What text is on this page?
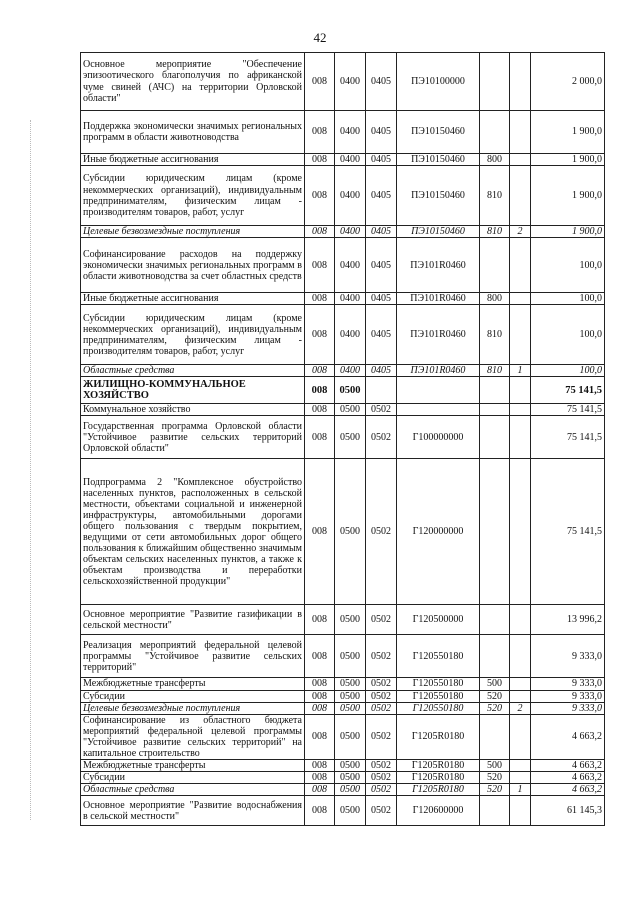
42
Основное мероприятие "Обеспечение эпизоотического благополучия по африканской чуме свиней (АЧС) на территории Орловской области"	008	0400	0405	ПЭ10100000			2 000,0
Поддержка экономически значимых региональных программ в области животноводства	008	0400	0405	ПЭ10150460			1 900,0
Иные бюджетные ассигнования	008	0400	0405	ПЭ10150460	800		1 900,0
Субсидии юридическим лицам (кроме некоммерческих организаций), индивидуальным предпринимателям, физическим лицам - производителям товаров, работ, услуг	008	0400	0405	ПЭ10150460	810		1 900,0
Целевые безвозмездные поступления	008	0400	0405	ПЭ10150460	810	2	1 900,0
Софинансирование расходов на поддержку экономически значимых региональных программ в области животноводства за счет областных средств	008	0400	0405	ПЭ101R0460			100,0
Иные бюджетные ассигнования	008	0400	0405	ПЭ101R0460	800		100,0
Субсидии юридическим лицам (кроме некоммерческих организаций), индивидуальным предпринимателям, физическим лицам - производителям товаров, работ, услуг	008	0400	0405	ПЭ101R0460	810		100,0
Областные средства	008	0400	0405	ПЭ101R0460	810	1	100,0
ЖИЛИЩНО-КОММУНАЛЬНОЕ ХОЗЯЙСТВО	008	0500					75 141,5
Коммунальное хозяйство	008	0500	0502				75 141,5
Государственная программа Орловской области "Устойчивое развитие сельских территорий Орловской области"	008	0500	0502	Г100000000			75 141,5
Подпрограмма 2 "Комплексное обустройство населенных пунктов, расположенных в сельской местности, объектами социальной и инженерной инфраструктуры, автомобильными дорогами общего пользования с твердым покрытием, ведущими от сети автомобильных дорог общего пользования к ближайшим общественно значимым объектам сельских населенных пунктов, а также к объектам производства и переработки сельскохозяйственной продукции"	008	0500	0502	Г120000000			75 141,5
Основное мероприятие "Развитие газификации в сельской местности"	008	0500	0502	Г120500000			13 996,2
Реализация мероприятий федеральной целевой программы "Устойчивое развитие сельских территорий"	008	0500	0502	Г120550180			9 333,0
Межбюджетные трансферты	008	0500	0502	Г120550180	500		9 333,0
Субсидии	008	0500	0502	Г120550180	520		9 333,0
Целевые безвозмездные поступления	008	0500	0502	Г120550180	520	2	9 333,0
Софинансирование из областного бюджета мероприятий федеральной целевой программы "Устойчивое развитие сельских территорий" на капитальное строительство	008	0500	0502	Г1205R0180			4 663,2
Межбюджетные трансферты	008	0500	0502	Г1205R0180	500		4 663,2
Субсидии	008	0500	0502	Г1205R0180	520		4 663,2
Областные средства	008	0500	0502	Г1205R0180	520	1	4 663,2
Основное мероприятие "Развитие водоснабжения в сельской местности"	008	0500	0502	Г120600000			61 145,3
